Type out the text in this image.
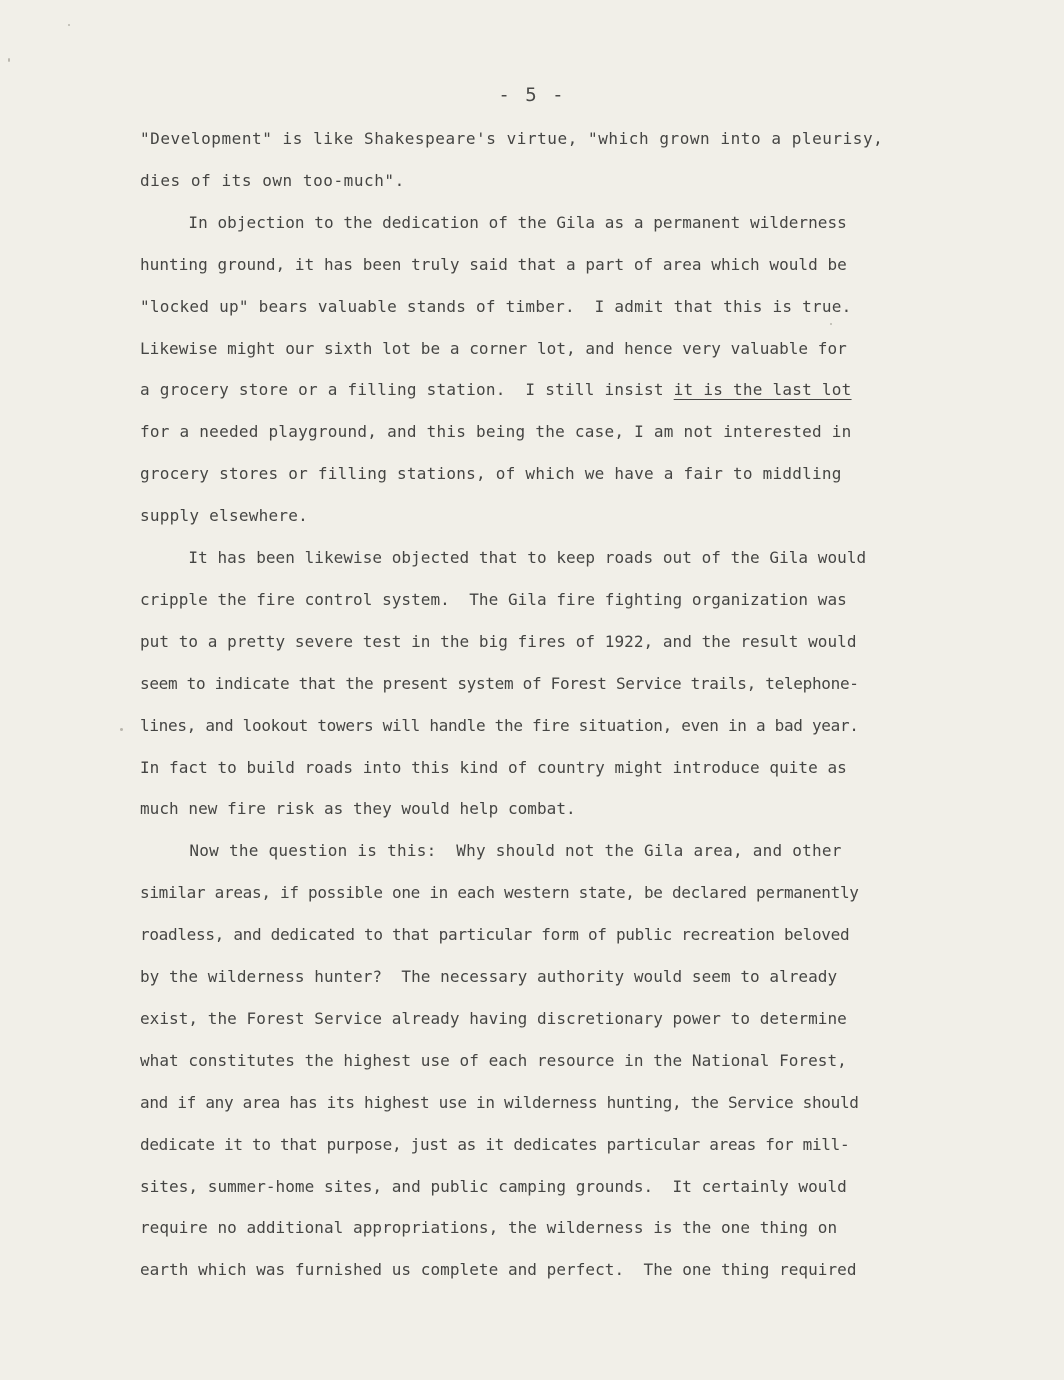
- 5 -
"Development" is like Shakespeare's virtue, "which grown into a pleurisy,
dies of its own too-much".
In objection to the dedication of the Gila as a permanent wilderness
hunting ground, it has been truly said that a part of area which would be
"locked up" bears valuable stands of timber.  I admit that this is true.
Likewise might our sixth lot be a corner lot, and hence very valuable for
a grocery store or a filling station.  I still insist it is the last lot
for a needed playground, and this being the case, I am not interested in
grocery stores or filling stations, of which we have a fair to middling
supply elsewhere.
It has been likewise objected that to keep roads out of the Gila would
cripple the fire control system.  The Gila fire fighting organization was
put to a pretty severe test in the big fires of 1922, and the result would
seem to indicate that the present system of Forest Service trails, telephone-
lines, and lookout towers will handle the fire situation, even in a bad year.
In fact to build roads into this kind of country might introduce quite as
much new fire risk as they would help combat.
Now the question is this:  Why should not the Gila area, and other
similar areas, if possible one in each western state, be declared permanently
roadless, and dedicated to that particular form of public recreation beloved
by the wilderness hunter?  The necessary authority would seem to already
exist, the Forest Service already having discretionary power to determine
what constitutes the highest use of each resource in the National Forest,
and if any area has its highest use in wilderness hunting, the Service should
dedicate it to that purpose, just as it dedicates particular areas for mill-
sites, summer-home sites, and public camping grounds.  It certainly would
require no additional appropriations, the wilderness is the one thing on
earth which was furnished us complete and perfect.  The one thing required
